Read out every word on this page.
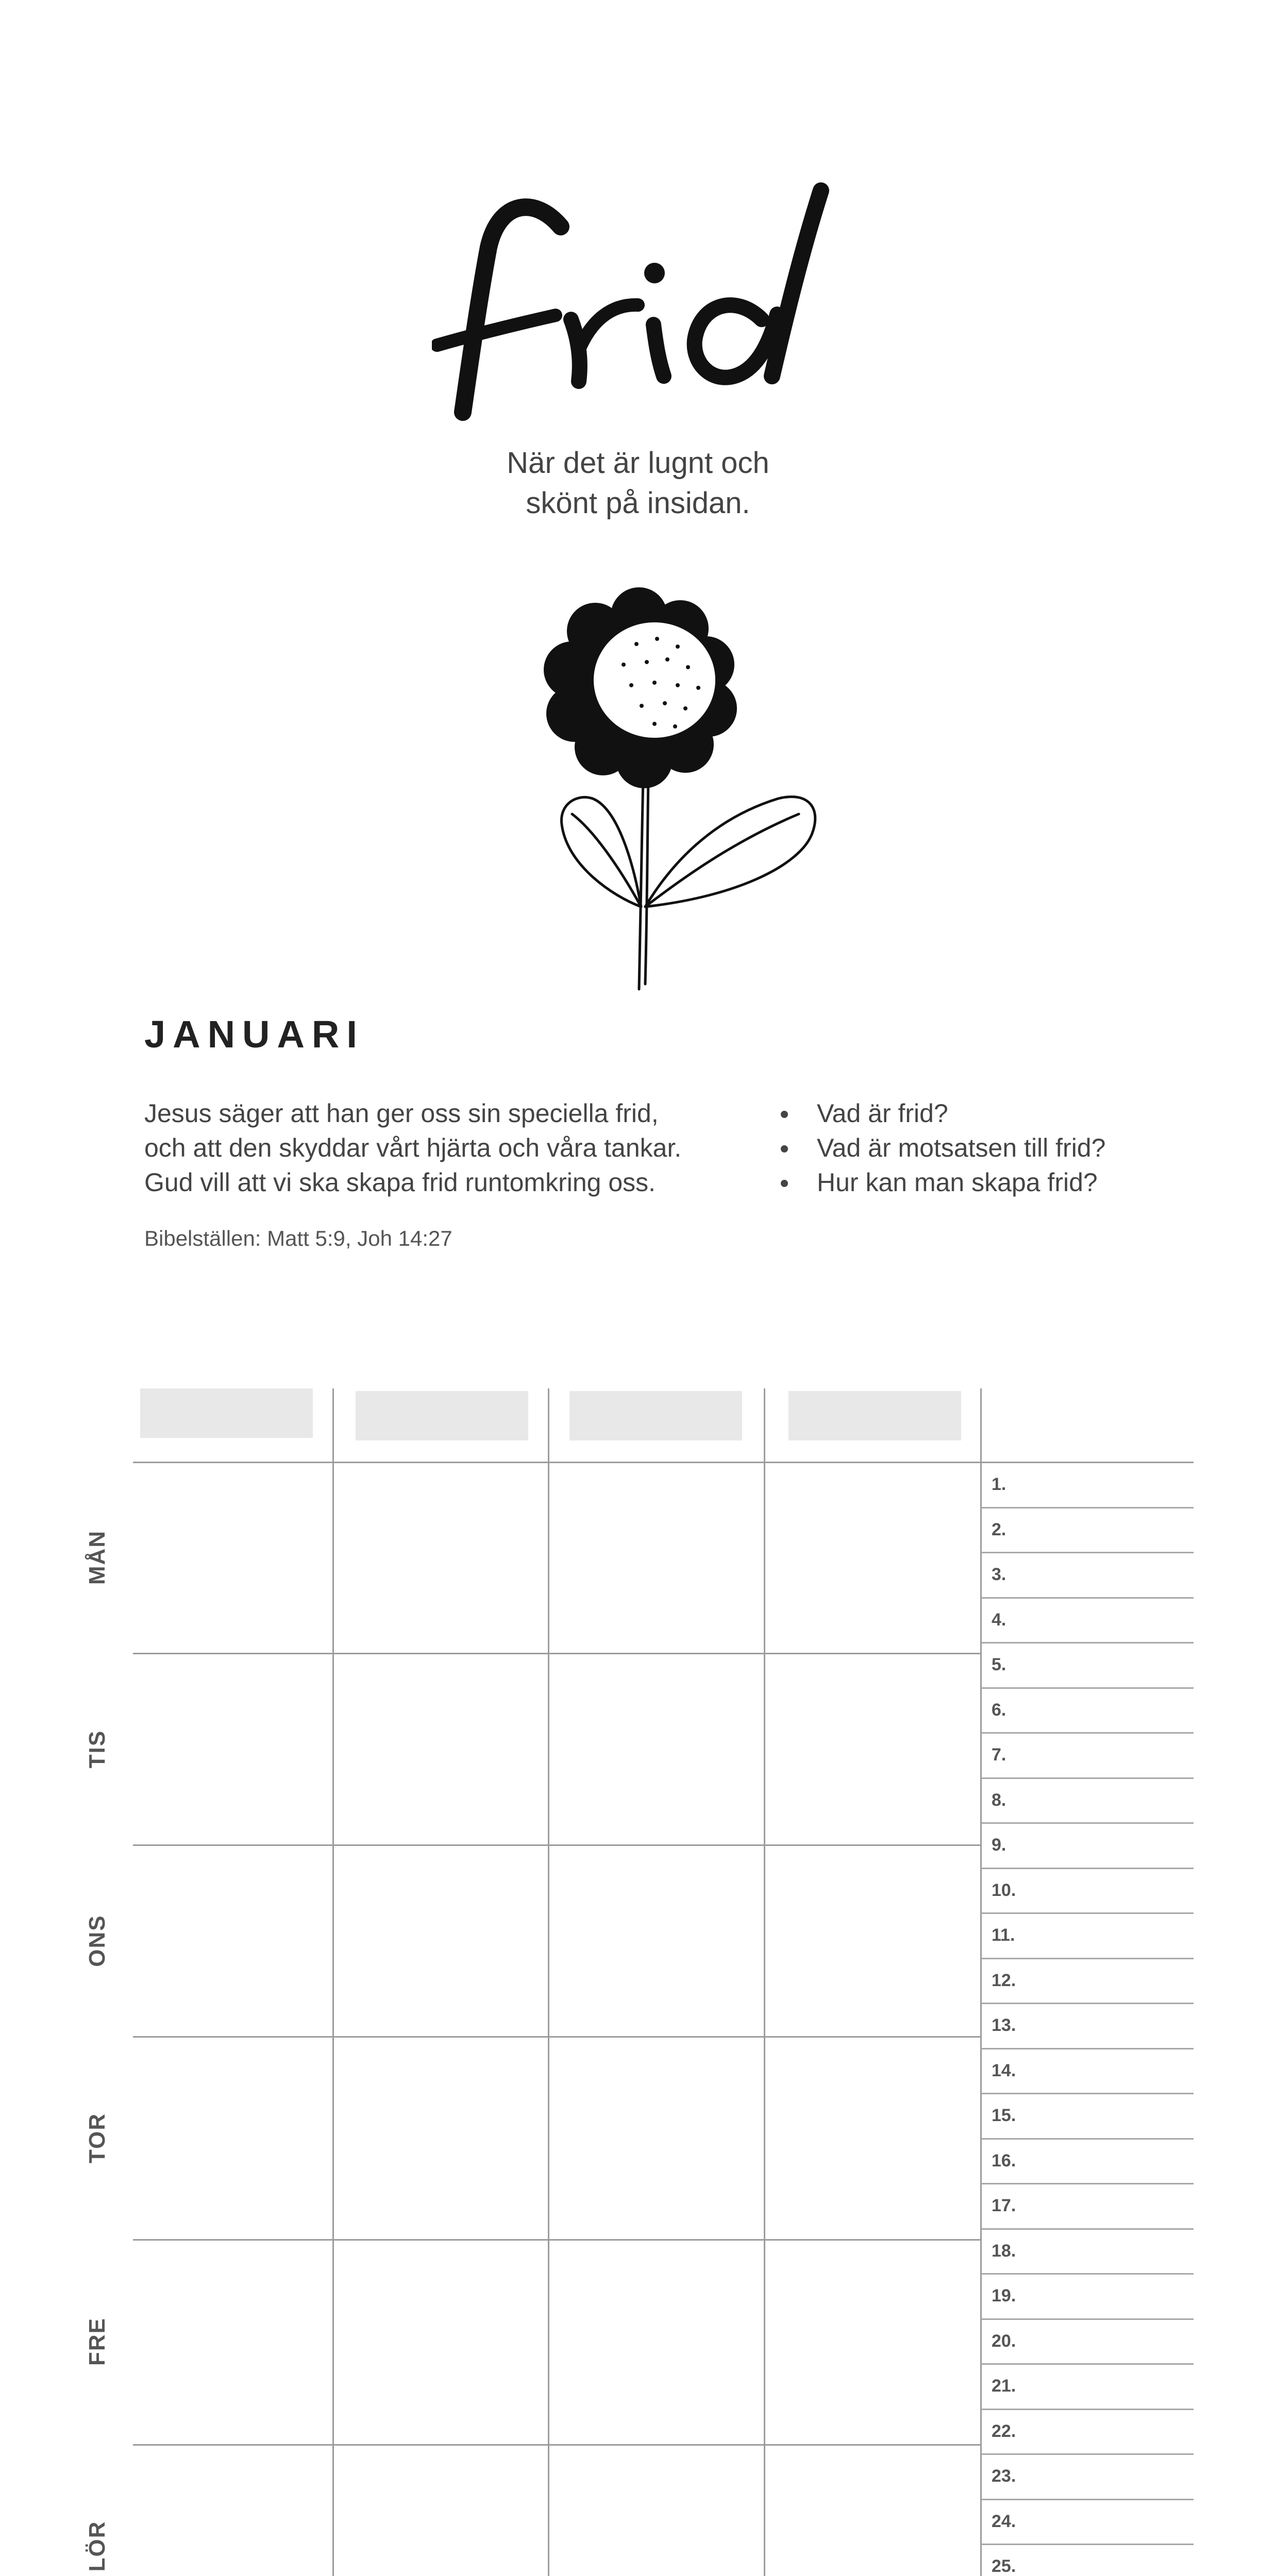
När det är lugnt och
skönt på insidan.
JANUARI
Jesus säger att han ger oss sin speciella frid,
och att den skyddar vårt hjärta och våra tankar.
Gud vill att vi ska skapa frid runtomkring oss.
Vad är frid?
Vad är motsatsen till frid?
Hur kan man skapa frid?
Bibelställen: Matt 5:9, Joh 14:27
MÅN
TIS
ONS
TOR
FRE
LÖR
1.
2.
3.
4.
5.
6.
7.
8.
9.
10.
11.
12.
13.
14.
15.
16.
17.
18.
19.
20.
21.
22.
23.
24.
25.
